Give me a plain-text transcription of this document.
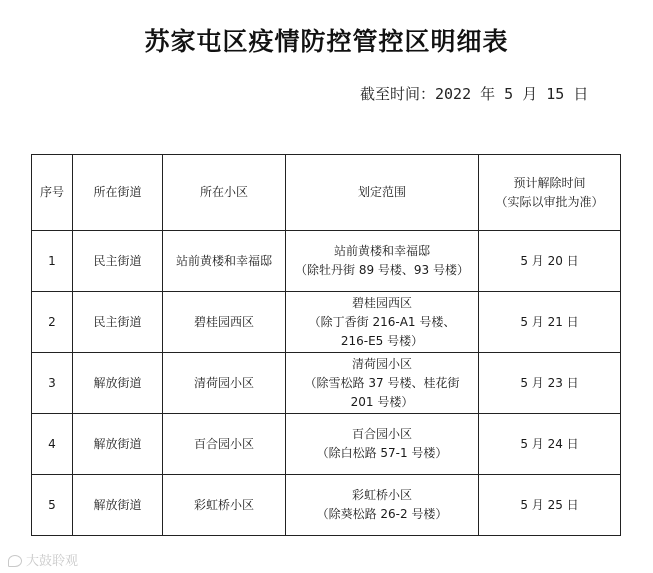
苏家屯区疫情防控管控区明细表
截至时间：2022 年 5 月 15 日
序号	所在街道	所在小区	划定范围	预计解除时间
（实际以审批为准）

1	民主街道	站前黄楼和幸福邸	站前黄楼和幸福邸
（除牡丹街 89 号楼、93 号楼）	5 月 20 日
2	民主街道	碧桂园西区	碧桂园西区
（除丁香街 216-A1 号楼、
216-E5 号楼）	5 月 21 日
3	解放街道	清荷园小区	清荷园小区
（除雪松路 37 号楼、桂花街
201 号楼）	5 月 23 日
4	解放街道	百合园小区	百合园小区
（除白松路 57-1 号楼）	5 月 24 日
5	解放街道	彩虹桥小区	彩虹桥小区
（除葵松路 26-2 号楼）	5 月 25 日
大鼓聆观
